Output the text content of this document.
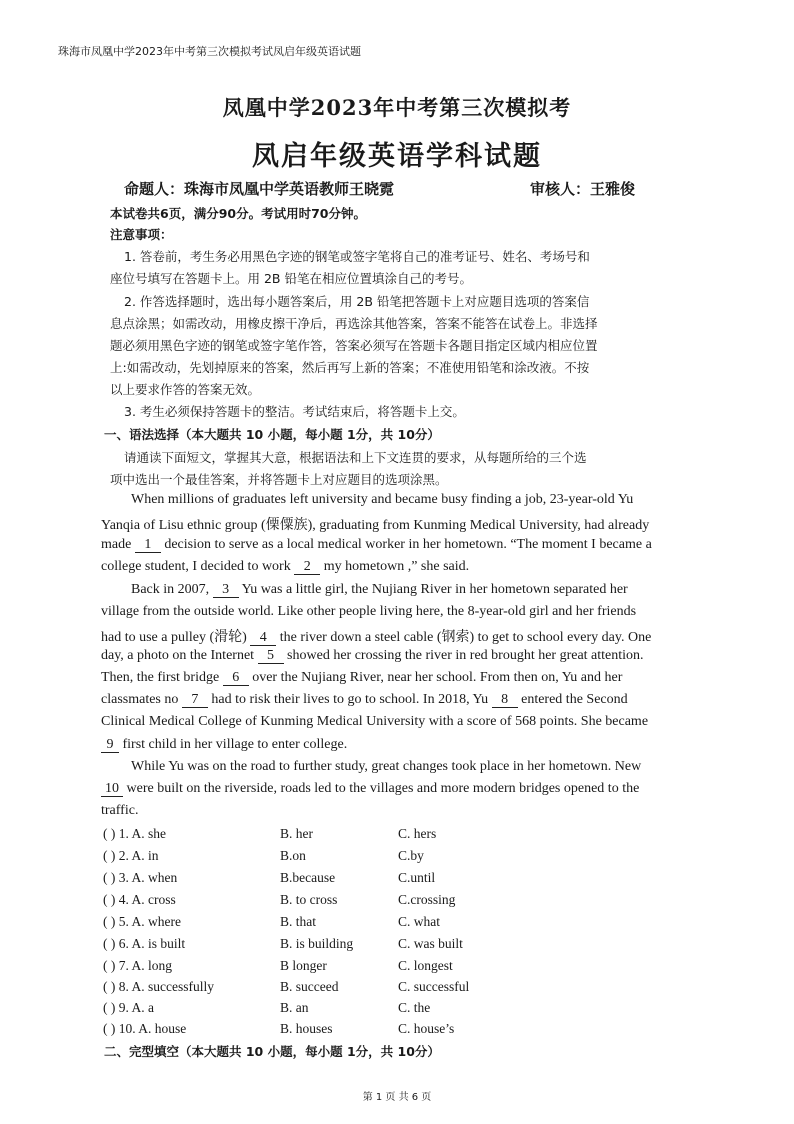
珠海市凤凰中学2023年中考第三次模拟考试凤启年级英语试题
凤凰中学2023年中考第三次模拟考
凤启年级英语学科试题
命题人：珠海市凤凰中学英语教师王晓霓	审核人：王雅俊
本试卷共6页，满分90分。考试用时70分钟。
注意事项：
1. 答卷前，考生务必用黑色字迹的钢笔或签字笔将自己的准考证号、姓名、考场号和
座位号填写在答题卡上。用 2B 铅笔在相应位置填涂自己的考号。
2. 作答选择题时，选出每小题答案后，用 2B 铅笔把答题卡上对应题目选项的答案信
息点涂黑；如需改动，用橡皮擦干净后，再选涂其他答案，答案不能答在试卷上。非选择
题必须用黑色字迹的钢笔或签字笔作答，答案必须写在答题卡各题目指定区域内相应位置
上:如需改动，先划掉原来的答案，然后再写上新的答案；不准使用铅笔和涂改液。不按
以上要求作答的答案无效。
3. 考生必须保持答题卡的整洁。考试结束后，将答题卡上交。
一、语法选择（本大题共 10 小题，每小题 1分，共 10分）
请通读下面短文，掌握其大意，根据语法和上下文连贯的要求，从每题所给的三个选
项中选出一个最佳答案，并将答题卡上对应题目的选项涂黑。
When millions of graduates left university and became busy finding a job, 23-year-old Yu
Yanqia of Lisu ethnic group (傈僳族), graduating from Kunming Medical University, had already
made 1 decision to serve as a local medical worker in her hometown. “The moment I became a
college student, I decided to work 2 my hometown ,” she said.
Back in 2007, 3 Yu was a little girl, the Nujiang River in her hometown separated her
village from the outside world. Like other people living here, the 8-year-old girl and her friends
had to use a pulley (滑轮) 4 the river down a steel cable (钢索) to get to school every day. One
day, a photo on the Internet 5 showed her crossing the river in red brought her great attention.
Then, the first bridge 6 over the Nujiang River, near her school. From then on, Yu and her
classmates no 7 had to risk their lives to go to school. In 2018, Yu 8 entered the Second
Clinical Medical College of Kunming Medical University with a score of 568 points. She became
9 first child in her village to enter college.
While Yu was on the road to further study, great changes took place in her hometown. New
10 were built on the riverside, roads led to the villages and more modern bridges opened to the
traffic.
( ) 1. A. she	B. her	C. hers
( ) 2. A. in	B.on	C.by
( ) 3. A. when	B.because	C.until
( ) 4. A. cross	B. to cross	C.crossing
( ) 5. A. where	B. that	C. what
( ) 6. A. is built	B. is building	C. was built
( ) 7. A. long	B longer	C. longest
( ) 8. A. successfully	B. succeed	C. successful
( ) 9. A. a	B. an	C. the
( ) 10. A. house	B. houses	C. house’s
二、完型填空（本大题共 10 小题，每小题 1分，共 10分）
第 1 页 共 6 页
